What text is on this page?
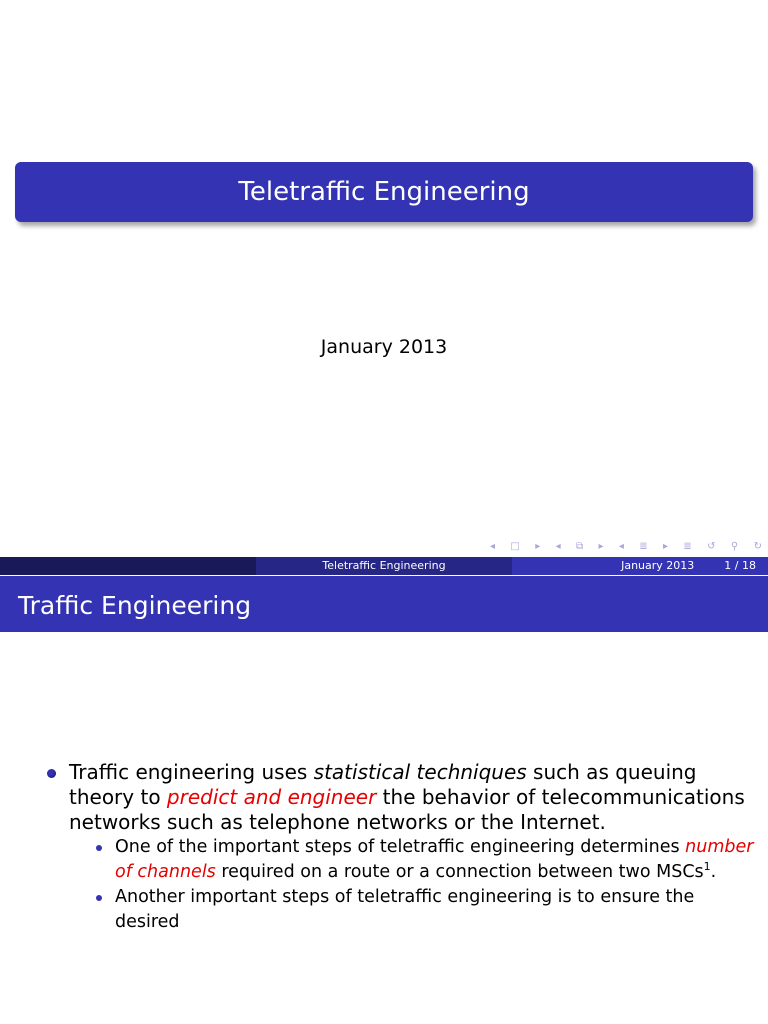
Teletraffic Engineering
January 2013
◂ □ ▸ ◂ ⧉ ▸ ◂ ≣ ▸ ≣ ↺ ⚲ ↻
Teletraffic Engineering	January 2013	1 / 18
Traffic Engineering
Traffic engineering uses statistical techniques such as queuing theory to predict and engineer the behavior of telecommunications networks such as telephone networks or the Internet.
One of the important steps of teletraffic engineering determines number of channels required on a route or a connection between two MSCs$^1$.
Another important steps of teletraffic engineering is to ensure the desired
